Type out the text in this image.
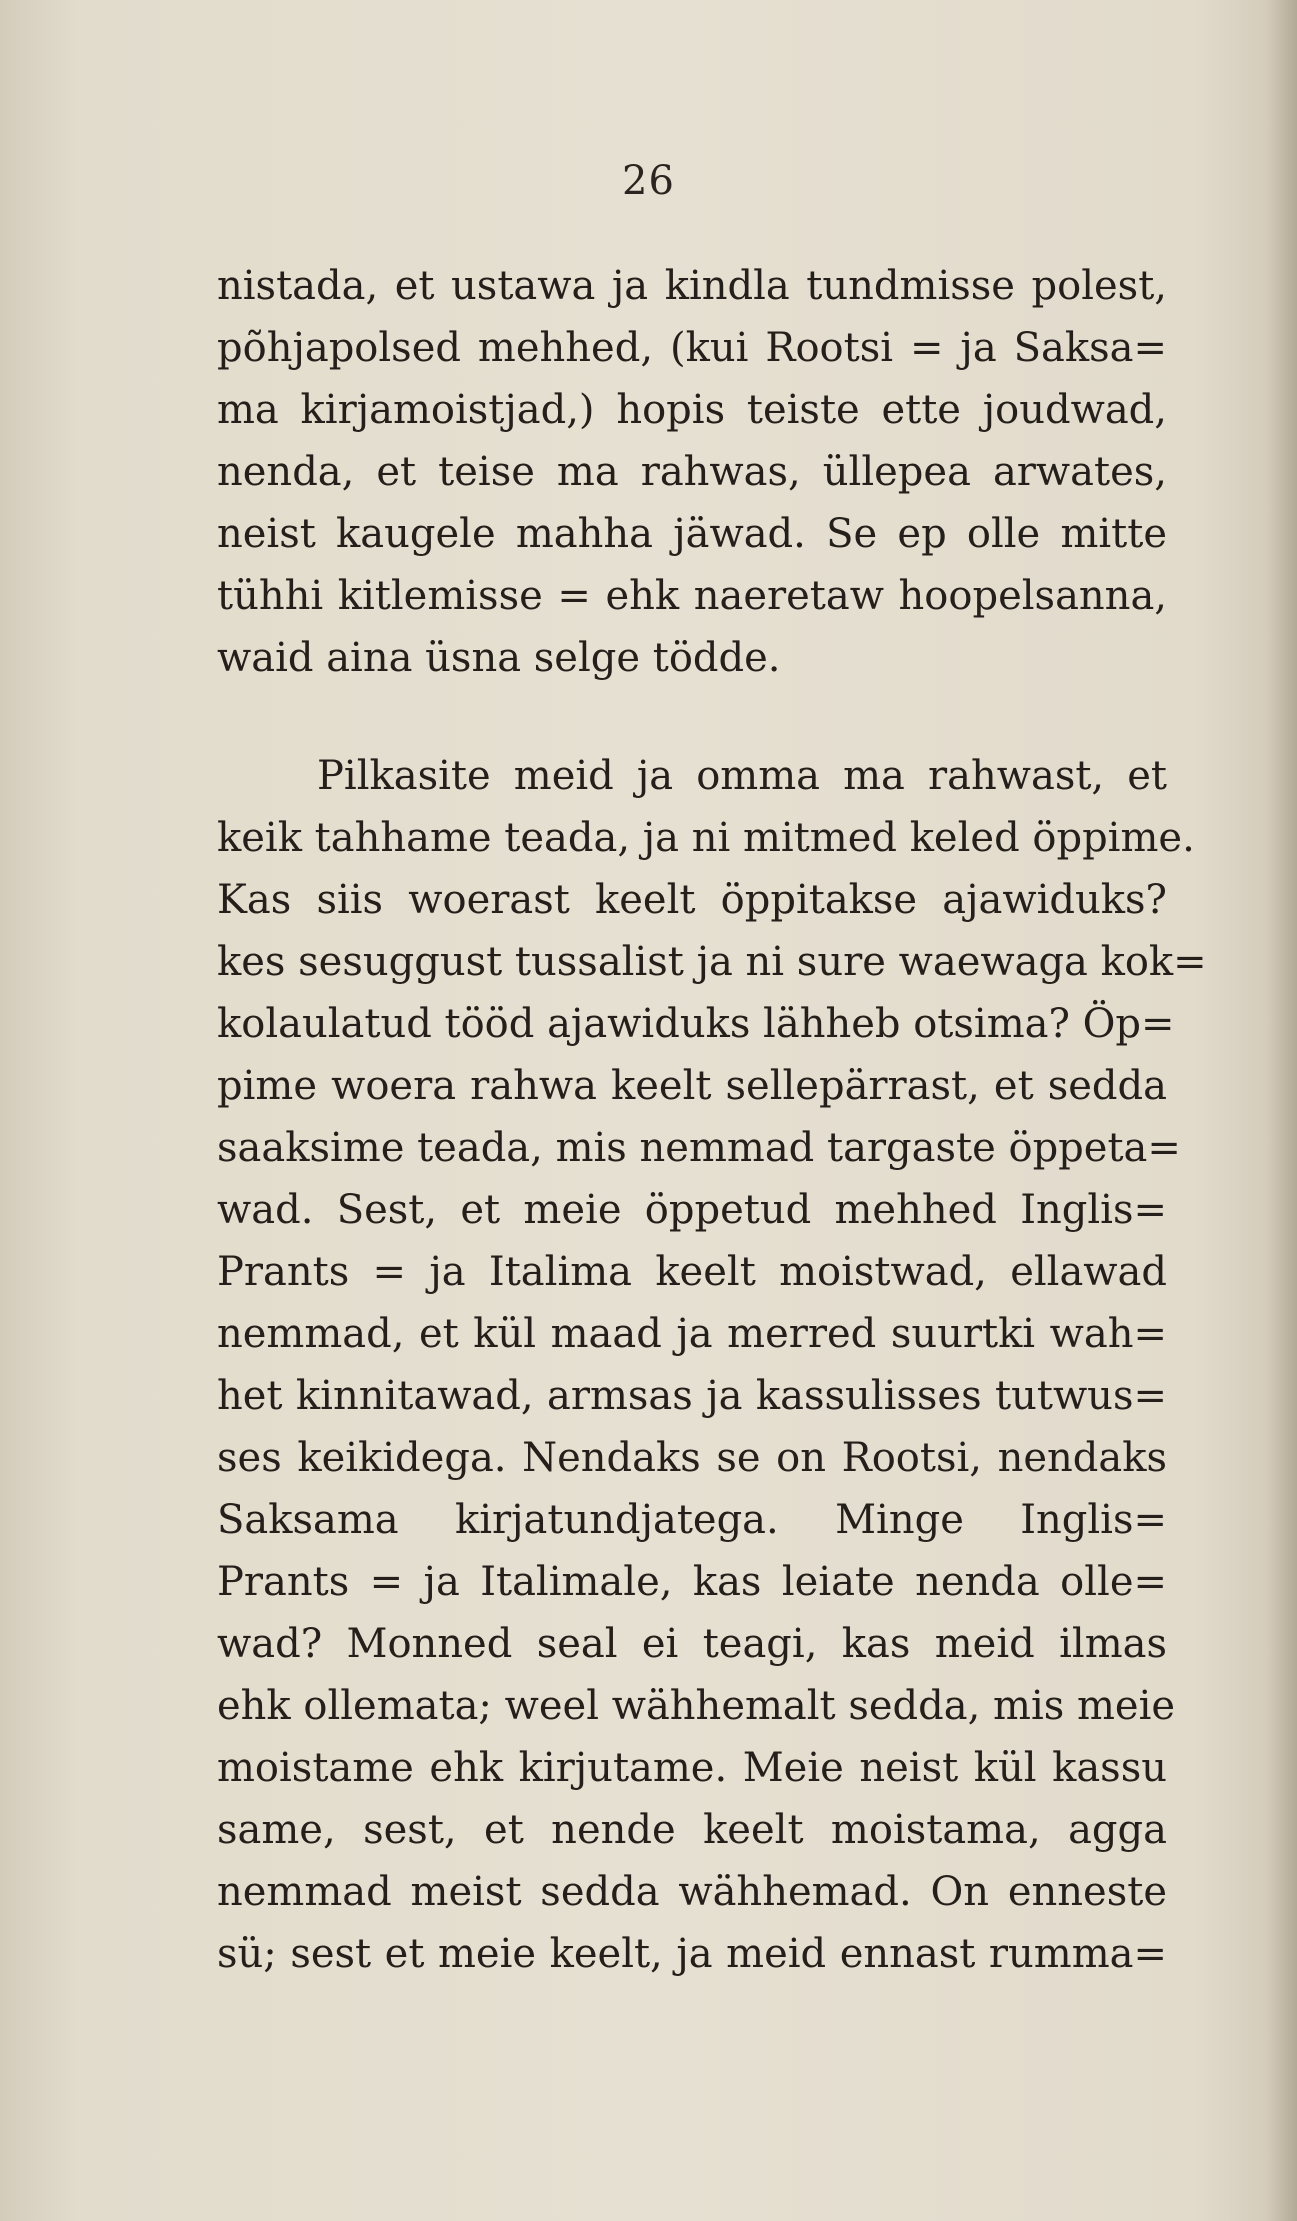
26
nistada, et ustawa ja kindla tundmisse polest,
põhjapolsed mehhed, (kui Rootsi = ja Saksa=
ma kirjamoistjad,) hopis teiste ette joudwad,
nenda, et teise ma rahwas, üllepea arwates,
neist kaugele mahha jäwad. Se ep olle mitte
tühhi kitlemisse = ehk naeretaw hoopelsanna,
waid aina üsna selge tödde.
Pilkasite meid ja omma ma rahwast, et
keik tahhame teada, ja ni mitmed keled öppime.
Kas siis woerast keelt öppitakse ajawiduks?
kes sesuggust tussalist ja ni sure waewaga kok=
kolaulatud tööd ajawiduks lähheb otsima? Öp=
pime woera rahwa keelt sellepärrast, et sedda
saaksime teada, mis nemmad targaste öppeta=
wad. Sest, et meie öppetud mehhed Inglis=
Prants = ja Italima keelt moistwad, ellawad
nemmad, et kül maad ja merred suurtki wah=
het kinnitawad, armsas ja kassulisses tutwus=
ses keikidega. Nendaks se on Rootsi, nendaks
Saksama kirjatundjatega. Minge Inglis=
Prants = ja Italimale, kas leiate nenda olle=
wad? Monned seal ei teagi, kas meid ilmas
ehk ollemata; weel wähhemalt sedda, mis meie
moistame ehk kirjutame. Meie neist kül kassu
same, sest, et nende keelt moistama, agga
nemmad meist sedda wähhemad. On enneste
sü; sest et meie keelt, ja meid ennast rumma=
